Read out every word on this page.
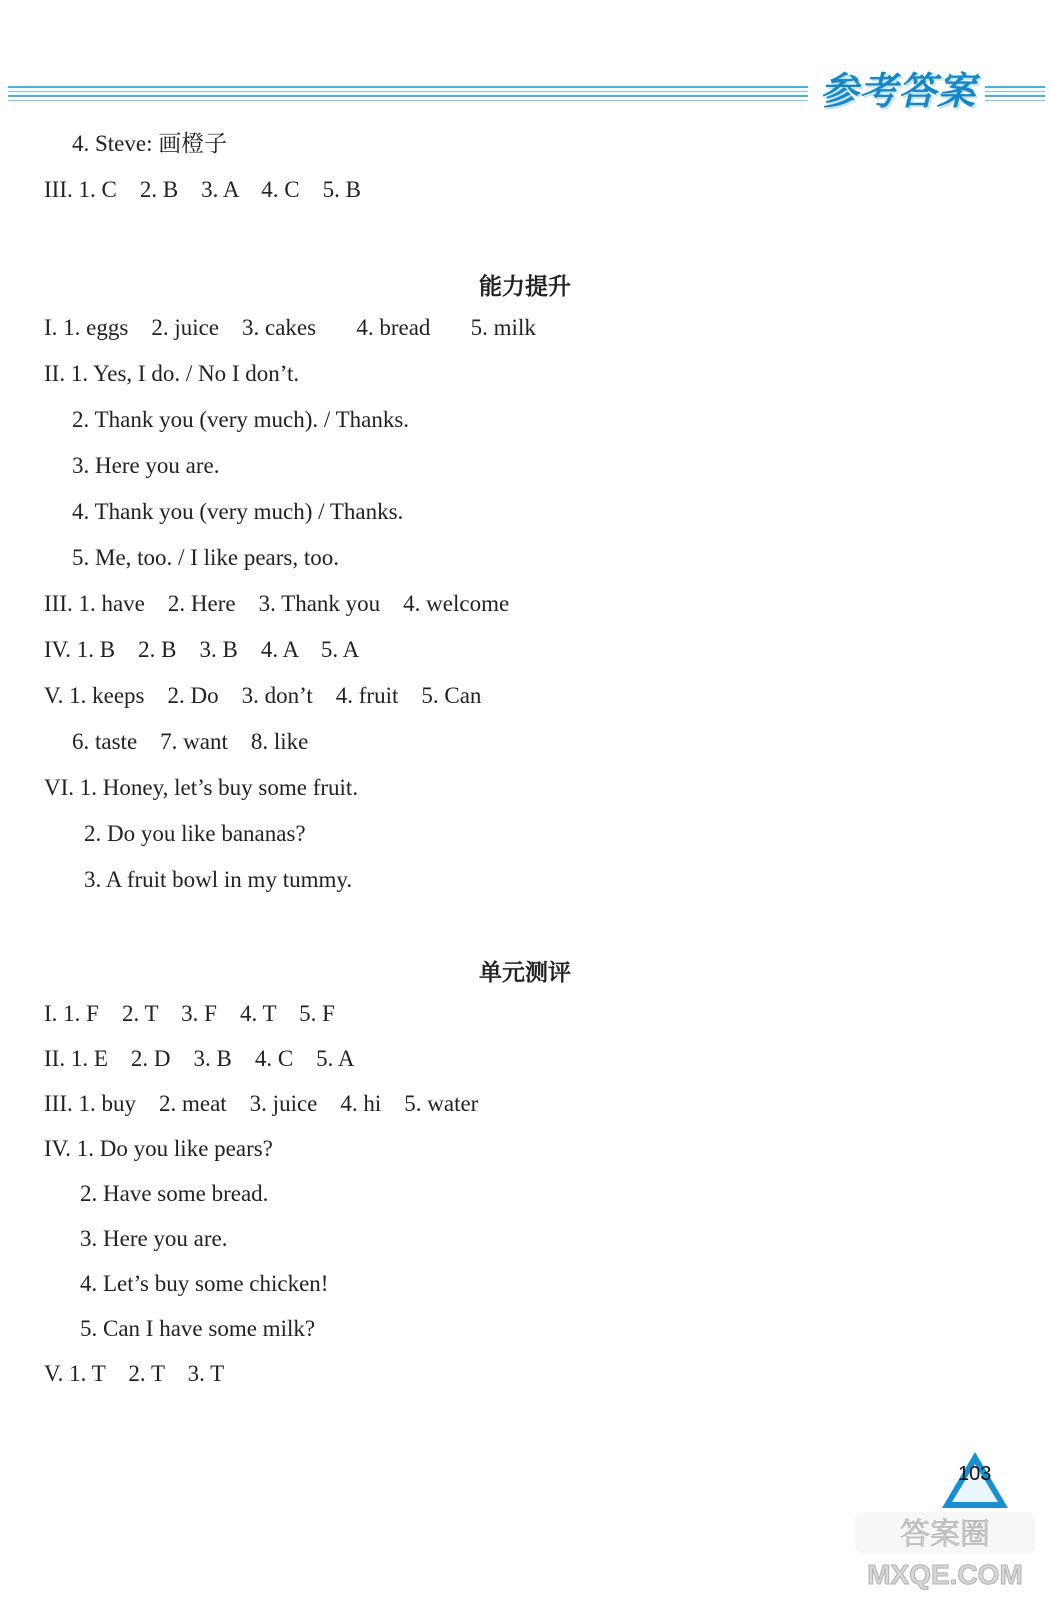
参考答案
4. Steve: 画橙子
III. 1. C    2. B    3. A    4. C    5. B
能力提升
I. 1. eggs    2. juice    3. cakes       4. bread       5. milk
II. 1. Yes, I do. / No I don’t.
2. Thank you (very much). / Thanks.
3. Here you are.
4. Thank you (very much) / Thanks.
5. Me, too. / I like pears, too.
III. 1. have    2. Here    3. Thank you    4. welcome
IV. 1. B    2. B    3. B    4. A    5. A
V. 1. keeps    2. Do    3. don’t    4. fruit    5. Can
6. taste    7. want    8. like
VI. 1. Honey, let’s buy some fruit.
2. Do you like bananas?
3. A fruit bowl in my tummy.
单元测评
I. 1. F    2. T    3. F    4. T    5. F
II. 1. E    2. D    3. B    4. C    5. A
III. 1. buy    2. meat    3. juice    4. hi    5. water
IV. 1. Do you like pears?
2. Have some bread.
3. Here you are.
4. Let’s buy some chicken!
5. Can I have some milk?
V. 1. T    2. T    3. T
103
答案圈
MXQE.COM
